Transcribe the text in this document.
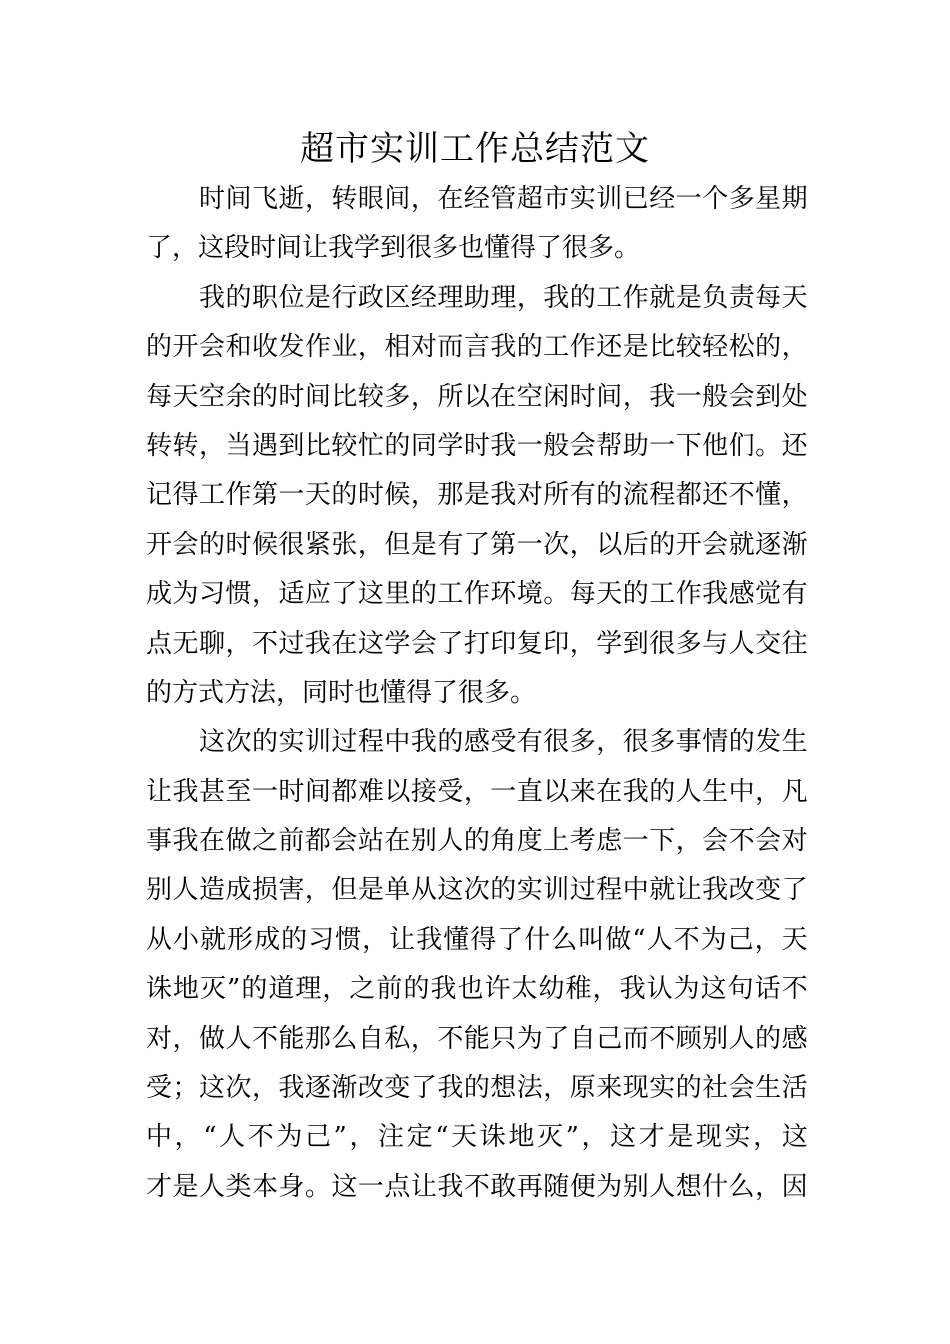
超市实训工作总结范文
时 间 飞 逝 ， 转 眼 间 ， 在 经 管 超 市 实 训 已 经 一 个 多 星 期
了，这段时间让我学到很多也懂得了很多。
我 的 职 位 是 行 政 区 经 理 助 理 ， 我 的 工 作 就 是 负 责 每 天
的 开 会 和 收 发 作 业 ， 相 对 而 言 我 的 工 作 还 是 比 较 轻 松 的 ，
每 天 空 余 的 时 间 比 较 多 ， 所 以 在 空 闲 时 间 ， 我 一 般 会 到 处
转 转 ， 当 遇 到 比 较 忙 的 同 学 时 我 一 般 会 帮 助 一 下 他 们 。 还
记 得 工 作 第 一 天 的 时 候 ， 那 是 我 对 所 有 的 流 程 都 还 不 懂 ，
开 会 的 时 候 很 紧 张 ， 但 是 有 了 第 一 次 ， 以 后 的 开 会 就 逐 渐
成 为 习 惯 ， 适 应 了 这 里 的 工 作 环 境 。 每 天 的 工 作 我 感 觉 有
点 无 聊 ， 不 过 我 在 这 学 会 了 打 印 复 印 ， 学 到 很 多 与 人 交 往
的方式方法，同时也懂得了很多。
这 次 的 实 训 过 程 中 我 的 感 受 有 很 多 ， 很 多 事 情 的 发 生
让 我 甚 至 一 时 间 都 难 以 接 受 ， 一 直 以 来 在 我 的 人 生 中 ， 凡
事 我 在 做 之 前 都 会 站 在 别 人 的 角 度 上 考 虑 一 下 ， 会 不 会 对
别 人 造 成 损 害 ， 但 是 单 从 这 次 的 实 训 过 程 中 就 让 我 改 变 了
从 小 就 形 成 的 习 惯 ， 让 我 懂 得 了 什 么 叫 做 “ 人 不 为 己 ， 天
诛 地 灭 ” 的 道 理 ， 之 前 的 我 也 许 太 幼 稚 ， 我 认 为 这 句 话 不
对 ， 做 人 不 能 那 么 自 私 ， 不 能 只 为 了 自 己 而 不 顾 别 人 的 感
受 ； 这 次 ， 我 逐 渐 改 变 了 我 的 想 法 ， 原 来 现 实 的 社 会 生 活
中 ， “ 人 不 为 己 ” ， 注 定 “ 天 诛 地 灭 ” ， 这 才 是 现 实 ， 这
才 是 人 类 本 身 。 这 一 点 让 我 不 敢 再 随 便 为 别 人 想 什 么 ， 因
